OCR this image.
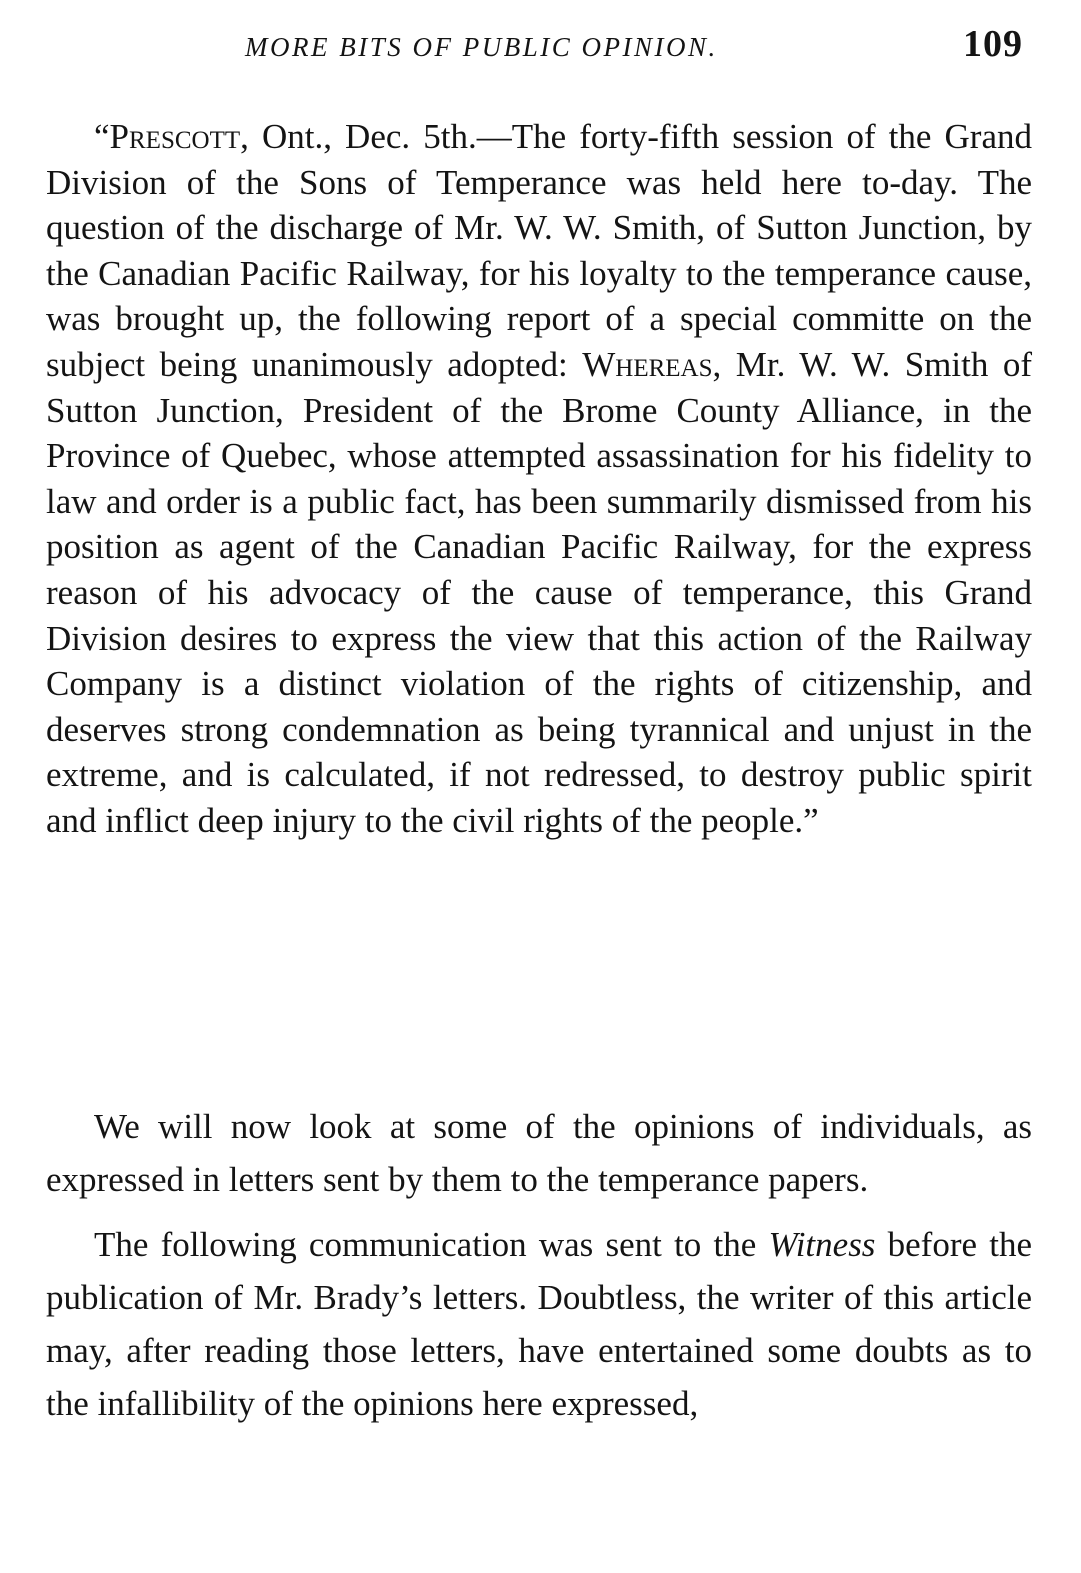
MORE BITS OF PUBLIC OPINION.	109

“Prescott, Ont., Dec. 5th.—The forty-fifth session of the Grand Division of the Sons of Temperance was held here to-day. The question of the discharge of Mr. W. W. Smith, of Sutton Junction, by the Canadian Pacific Railway, for his loyalty to the temperance cause, was brought up, the following report of a special committe on the subject being unanimously adopted: Whereas, Mr. W. W. Smith of Sutton Junction, President of the Brome County Alliance, in the Province of Quebec, whose attempted assassination for his fidelity to law and order is a public fact, has been summarily dismissed from his position as agent of the Canadian Pacific Railway, for the express reason of his advocacy of the cause of temperance, this Grand Division desires to express the view that this action of the Railway Company is a distinct violation of the rights of citizenship, and deserves strong condemnation as being tyrannical and unjust in the extreme, and is calculated, if not redressed, to destroy public spirit and inflict deep injury to the civil rights of the people.”

We will now look at some of the opinions of individuals, as expressed in letters sent by them to the temperance papers.

The following communication was sent to the Witness before the publication of Mr. Brady’s letters. Doubtless, the writer of this article may, after reading those letters, have entertained some doubts as to the infallibility of the opinions here expressed,
